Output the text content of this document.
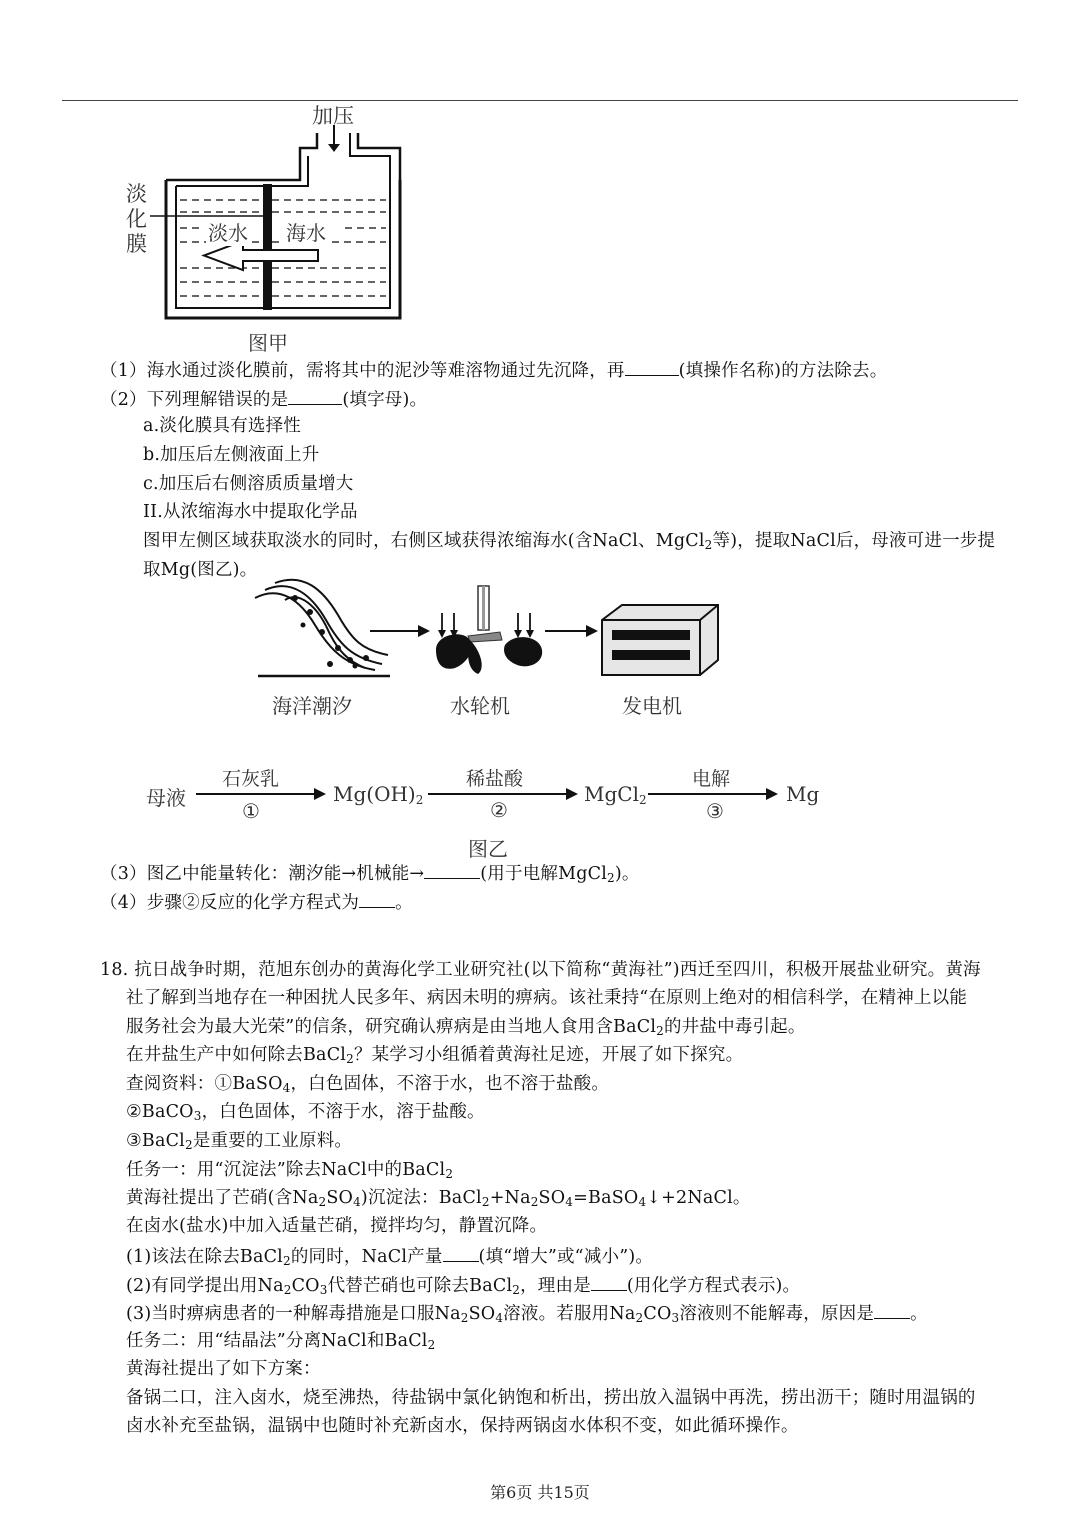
加压
淡
化
膜	淡水 海水
图甲
（1）海水通过淡化膜前，需将其中的泥沙等难溶物通过先沉降，再	(填操作名称)的方法除去。
（2）下列理解错误的是	(填字母)。
a.淡化膜具有选择性
b.加压后左侧液面上升
c.加压后右侧溶质质量增大
II.从浓缩海水中提取化学品
图甲左侧区域获取淡水的同时，右侧区域获得浓缩海水(含NaCl、MgCl$_2$等)，提取NaCl后，母液可进一步提
取Mg(图乙)。
海洋潮汐	水轮机	发电机
母液
石灰乳
①
$Mg(OH)_2$
稀盐酸
②
MgCl$_2$
电解
③
Mg
图乙
（3）图乙中能量转化：潮汐能→机械能→	(用于电解MgCl$_2$)。
（4）步骤②反应的化学方程式为 。
18. 抗日战争时期，范旭东创办的黄海化学工业研究社(以下简称“黄海社”)西迁至四川，积极开展盐业研究。黄海
社了解到当地存在一种困扰人民多年、病因未明的痹病。该社秉持“在原则上绝对的相信科学，在精神上以能
服务社会为最大光荣”的信条，研究确认痹病是由当地人食用含BaCl$_2$的井盐中毒引起。
在井盐生产中如何除去BaCl$_2$？某学习小组循着黄海社足迹，开展了如下探究。
查阅资料：①BaSO$_4$，白色固体，不溶于水，也不溶于盐酸。
②BaCO$_3$，白色固体，不溶于水，溶于盐酸。
③BaCl$_2$是重要的工业原料。
任务一：用“沉淀法”除去NaCl中的BaCl$_2$
黄海社提出了芒硝(含$Na_2SO_4$)沉淀法：$BaCl_2+Na_2SO_4=BaSO_4↓+2NaCl$。
在卤水(盐水)中加入适量芒硝，搅拌均匀，静置沉降。
(1)该法在除去BaCl$_2$的同时，NaCl产量 (填“增大”或“减小”)。
(2)有同学提出用$Na_2CO_3$代替芒硝也可除去BaCl$_2$，理由是 (用化学方程式表示)。
(3)当时痹病患者的一种解毒措施是口服$Na_2SO_4$溶液。若服用$Na_2CO_3$溶液则不能解毒，原因是 。
任务二：用“结晶法”分离NaCl和BaCl$_2$
黄海社提出了如下方案：
备锅二口，注入卤水，烧至沸热，待盐锅中氯化钠饱和析出，捞出放入温锅中再洗，捞出沥干；随时用温锅的
卤水补充至盐锅，温锅中也随时补充新卤水，保持两锅卤水体积不变，如此循环操作。
第6页 共15页
